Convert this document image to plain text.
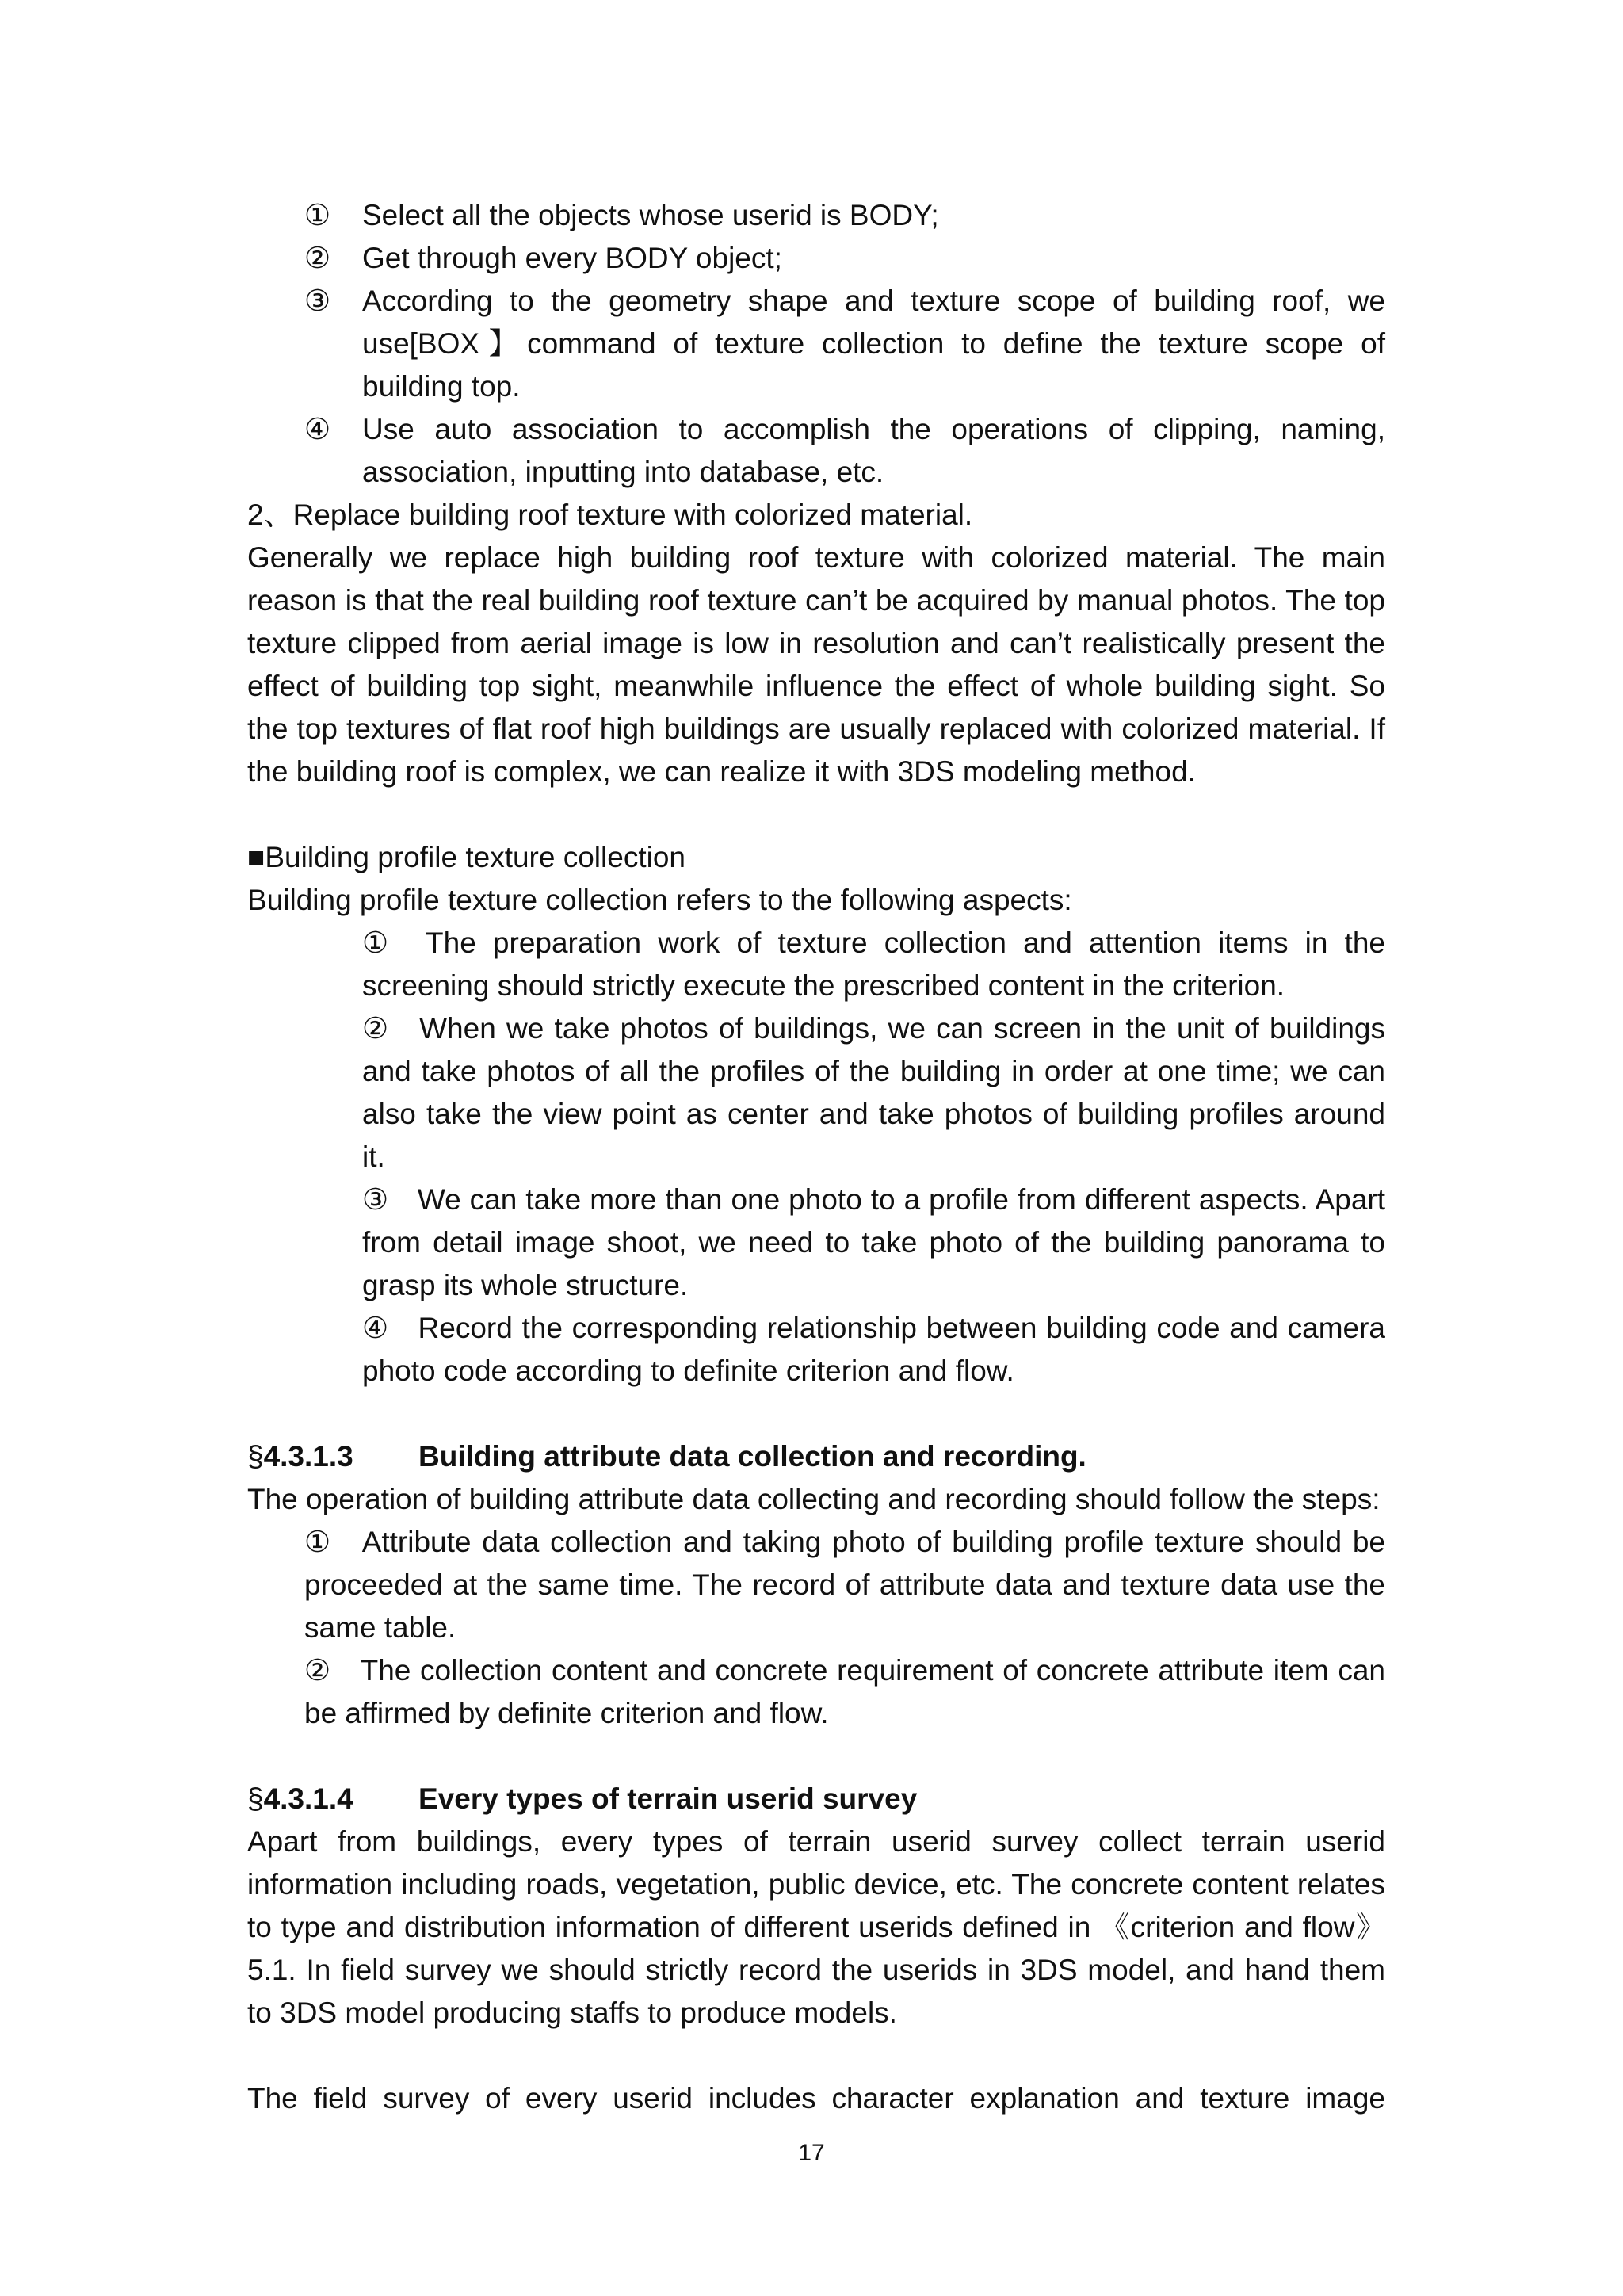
① Select all the objects whose userid is BODY;

② Get through every BODY object;

③ According to the geometry shape and texture scope of building roof, we use[BOX】command of texture collection to define the texture scope of building top.

④ Use auto association to accomplish the operations of clipping, naming, association, inputting into database, etc.

2、Replace building roof texture with colorized material.

Generally we replace high building roof texture with colorized material. The main reason is that the real building roof texture can’t be acquired by manual photos. The top texture clipped from aerial image is low in resolution and can’t realistically present the effect of building top sight, meanwhile influence the effect of whole building sight. So the top textures of flat roof high buildings are usually replaced with colorized material. If the building roof is complex, we can realize it with 3DS modeling method.

■Building profile texture collection

Building profile texture collection refers to the following aspects:

① The preparation work of texture collection and attention items in the screening should strictly execute the prescribed content in the criterion.

② When we take photos of buildings, we can screen in the unit of buildings and take photos of all the profiles of the building in order at one time; we can also take the view point as center and take photos of building profiles around it.

③ We can take more than one photo to a profile from different aspects. Apart from detail image shoot, we need to take photo of the building panorama to grasp its whole structure.

④ Record the corresponding relationship between building code and camera photo code according to definite criterion and flow.

§4.3.1.3 Building attribute data collection and recording.

The operation of building attribute data collecting and recording should follow the steps:

① Attribute data collection and taking photo of building profile texture should be proceeded at the same time. The record of attribute data and texture data use the same table.

② The collection content and concrete requirement of concrete attribute item can be affirmed by definite criterion and flow.

§4.3.1.4 Every types of terrain userid survey

Apart from buildings, every types of terrain userid survey collect terrain userid information including roads, vegetation, public device, etc. The concrete content relates to type and distribution information of different userids defined in 《criterion and flow》5.1. In field survey we should strictly record the userids in 3DS model, and hand them to 3DS model producing staffs to produce models.

The field survey of every userid includes character explanation and texture image

17
